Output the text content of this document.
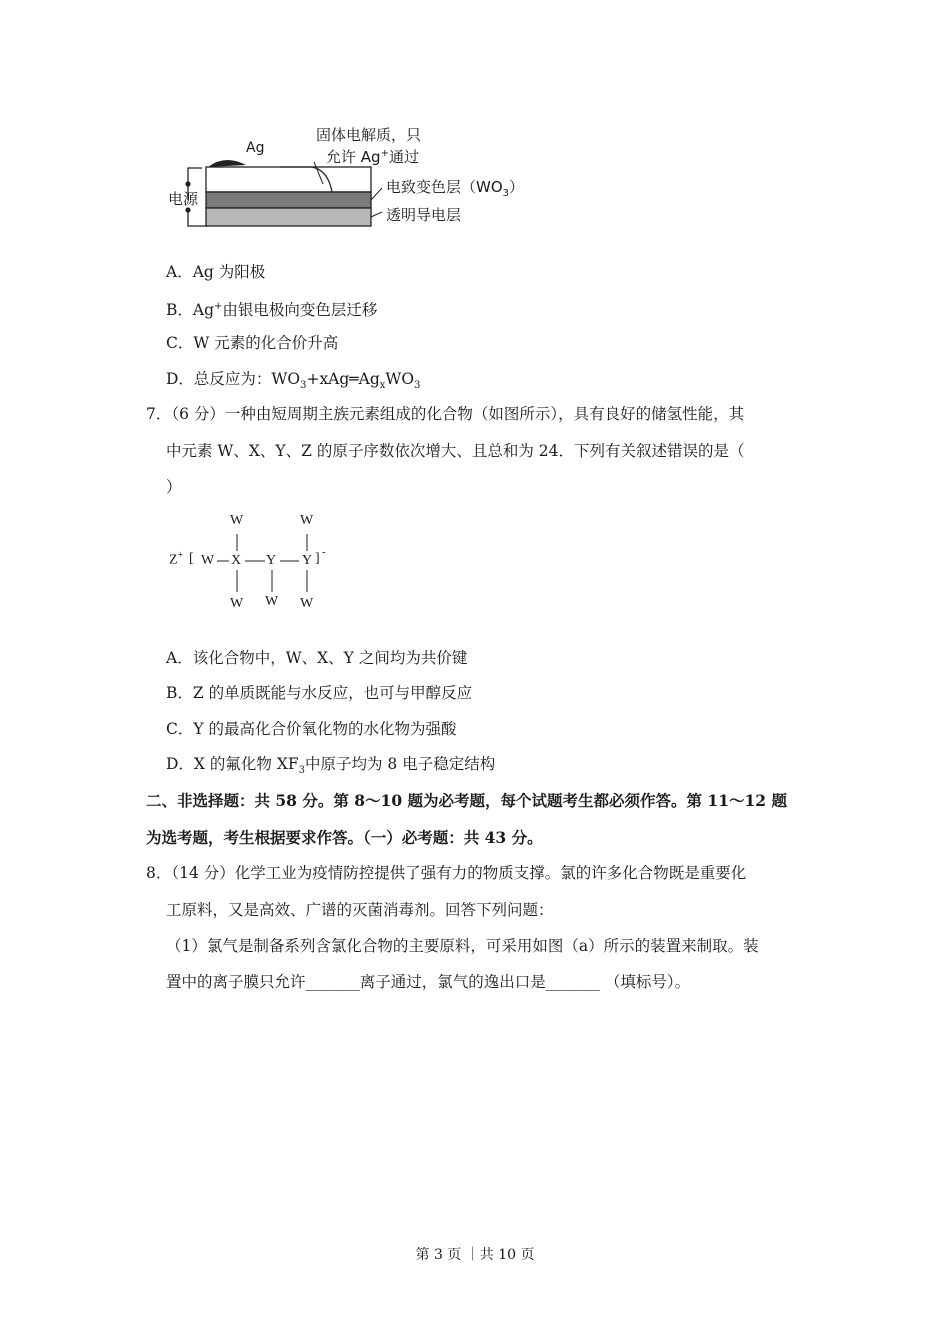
Ag
固体电解质，只
允许 Ag+通过
电源
电致变色层$(WO_3)$
透明导电层
A．Ag 为阳极
B．Ag+由银电极向变色层迁移
C．W 元素的化合价升高
D．总反应为：$WO_3+xAg═Ag_xWO_3$
7．（6 分）一种由短周期主族元素组成的化合物（如图所示），具有良好的储氢性能，其
中元素 W、X、Y、Z 的原子序数依次增大、且总和为 24．下列有关叙述错误的是（
）
W	W
Z+ [ W X Y Y ] -
W W W
A．该化合物中，W、X、Y 之间均为共价键
B．Z 的单质既能与水反应，也可与甲醇反应
C．Y 的最高化合价氧化物的水化物为强酸
D．X 的氟化物 $XF_3$中原子均为 8 电子稳定结构
二、非选择题：共 58 分。第 8～10 题为必考题，每个试题考生都必须作答。第 11～12 题
为选考题，考生根据要求作答。（一）必考题：共 43 分。
8．（14 分）化学工业为疫情防控提供了强有力的物质支撑。氯的许多化合物既是重要化
工原料，又是高效、广谱的灭菌消毒剂。回答下列问题：
（1）氯气是制备系列含氯化合物的主要原料，可采用如图（a）所示的装置来制取。装
置中的离子膜只允许_______离子通过，氯气的逸出口是_______ （填标号）。
第 3 页 ｜共 10 页
